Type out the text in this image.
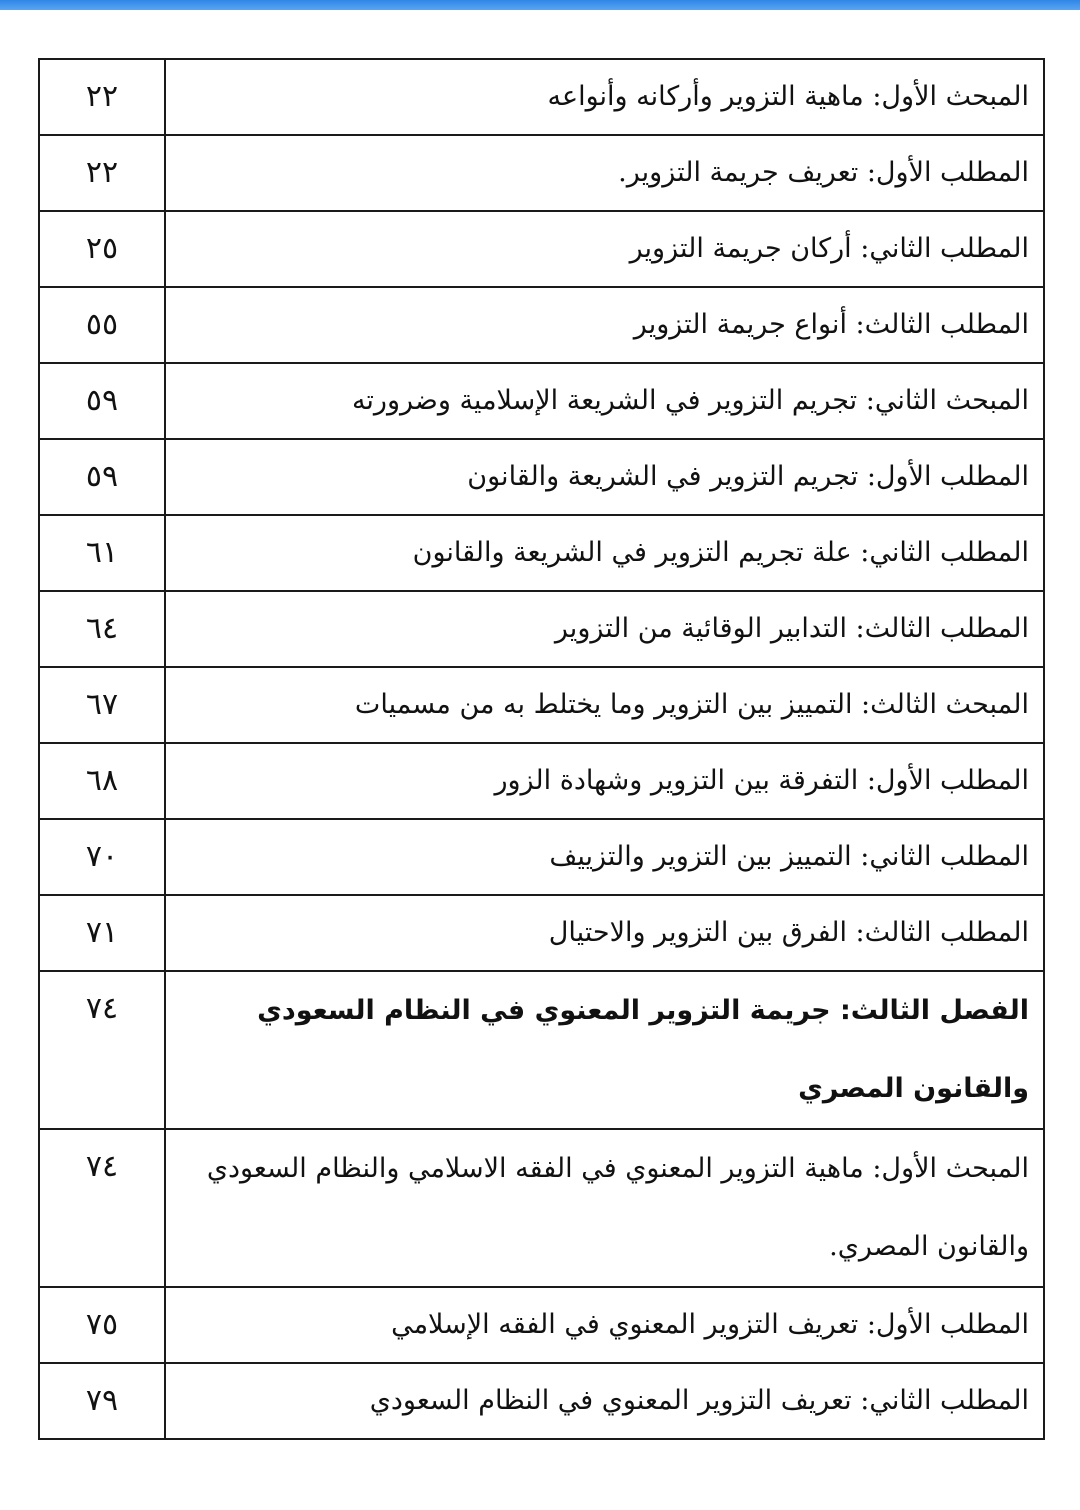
٢٢	المبحث الأول: ماهية التزوير وأركانه وأنواعه
٢٢	المطلب الأول: تعريف جريمة التزوير.
٢٥	المطلب الثاني: أركان جريمة التزوير
٥٥	المطلب الثالث: أنواع جريمة التزوير
٥٩	المبحث الثاني: تجريم التزوير في الشريعة الإسلامية وضرورته
٥٩	المطلب الأول: تجريم التزوير في الشريعة والقانون
٦١	المطلب الثاني: علة تجريم التزوير في الشريعة والقانون
٦٤	المطلب الثالث: التدابير الوقائية من التزوير
٦٧	المبحث الثالث: التمييز بين التزوير وما يختلط به من مسميات
٦٨	المطلب الأول: التفرقة بين التزوير وشهادة الزور
٧٠	المطلب الثاني: التمييز بين التزوير والتزييف
٧١	المطلب الثالث: الفرق بين التزوير والاحتيال
٧٤	الفصل الثالث: جريمة التزوير المعنوي في النظام السعودي والقانون المصري
٧٤	المبحث الأول: ماهية التزوير المعنوي في الفقه الاسلامي والنظام السعودي والقانون المصري.
٧٥	المطلب الأول: تعريف التزوير المعنوي في الفقه الإسلامي
٧٩	المطلب الثاني: تعريف التزوير المعنوي في النظام السعودي
